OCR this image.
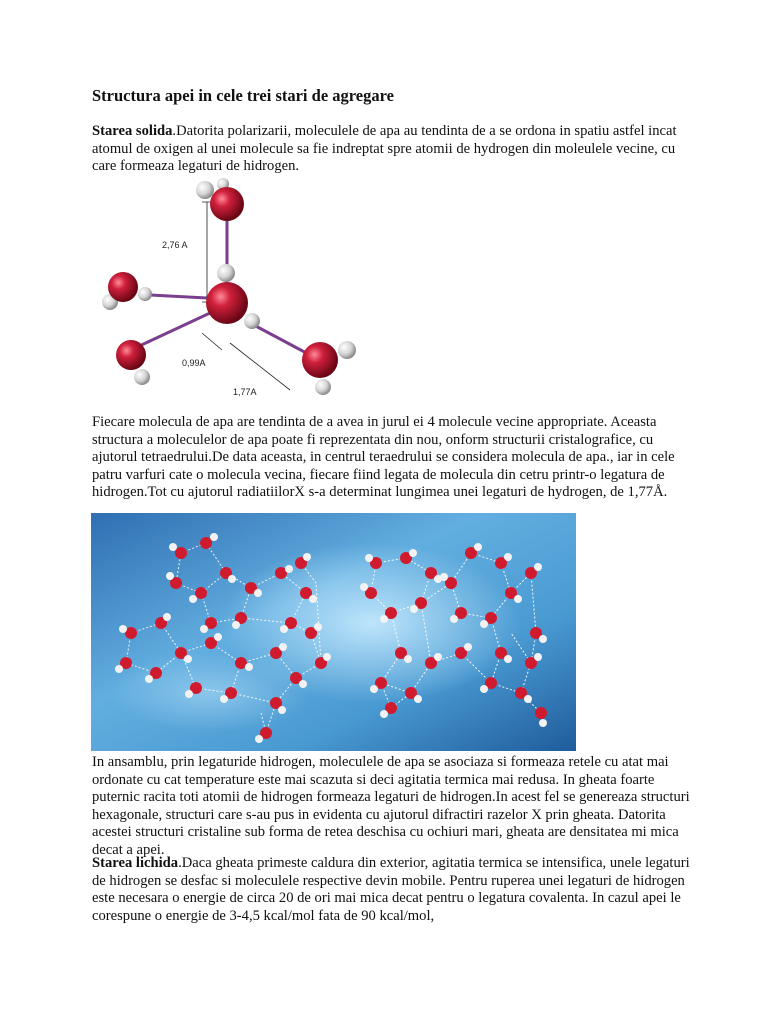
Structura apei in cele trei stari de agregare

Starea solida.Datorita polarizarii, moleculele de apa au tendinta de a se ordona in spatiu astfel incat atomul de oxigen al unei molecule sa fie indreptat spre atomii de hydrogen din moleulele vecine, cu care formeaza legaturi de hidrogen.

2,76 A
0,99A
1,77A

Fiecare molecula de apa are tendinta de a avea in jurul ei 4 molecule vecine appropriate. Aceasta structura a moleculelor de apa poate fi reprezentata din nou, onform structurii cristalografice, cu ajutorul tetraedrului.De data aceasta, in centrul teraedrului se considera molecula de apa., iar in cele patru varfuri cate o molecula vecina, fiecare fiind legata de molecula din cetru printr-o legatura de hidrogen.Tot cu ajutorul radiatiilorX s-a determinat lungimea unei legaturi de hydrogen, de 1,77Å.

In ansamblu, prin legaturide hidrogen, moleculele de apa se asociaza si formeaza retele cu atat mai ordonate cu cat temperature este mai scazuta si deci agitatia termica mai redusa. In gheata foarte puternic racita toti atomii de hidrogen formeaza legaturi de hidrogen.In acest fel se genereaza structuri hexagonale, structuri care s-au pus in evidenta cu ajutorul difractiri razelor X prin gheata. Datorita acestei structuri cristaline sub forma de retea deschisa cu ochiuri mari, gheata are densitatea mi mica decat a apei.

Starea lichida.Daca gheata primeste caldura din exterior, agitatia termica se intensifica, unele legaturi de hidrogen se desfac si moleculele respective devin mobile. Pentru ruperea unei legaturi de hidrogen este necesara o energie de circa 20 de ori mai mica decat pentru o legatura covalenta. In cazul apei le corespune o energie de 3-4,5 kcal/mol fata de 90 kcal/mol,
